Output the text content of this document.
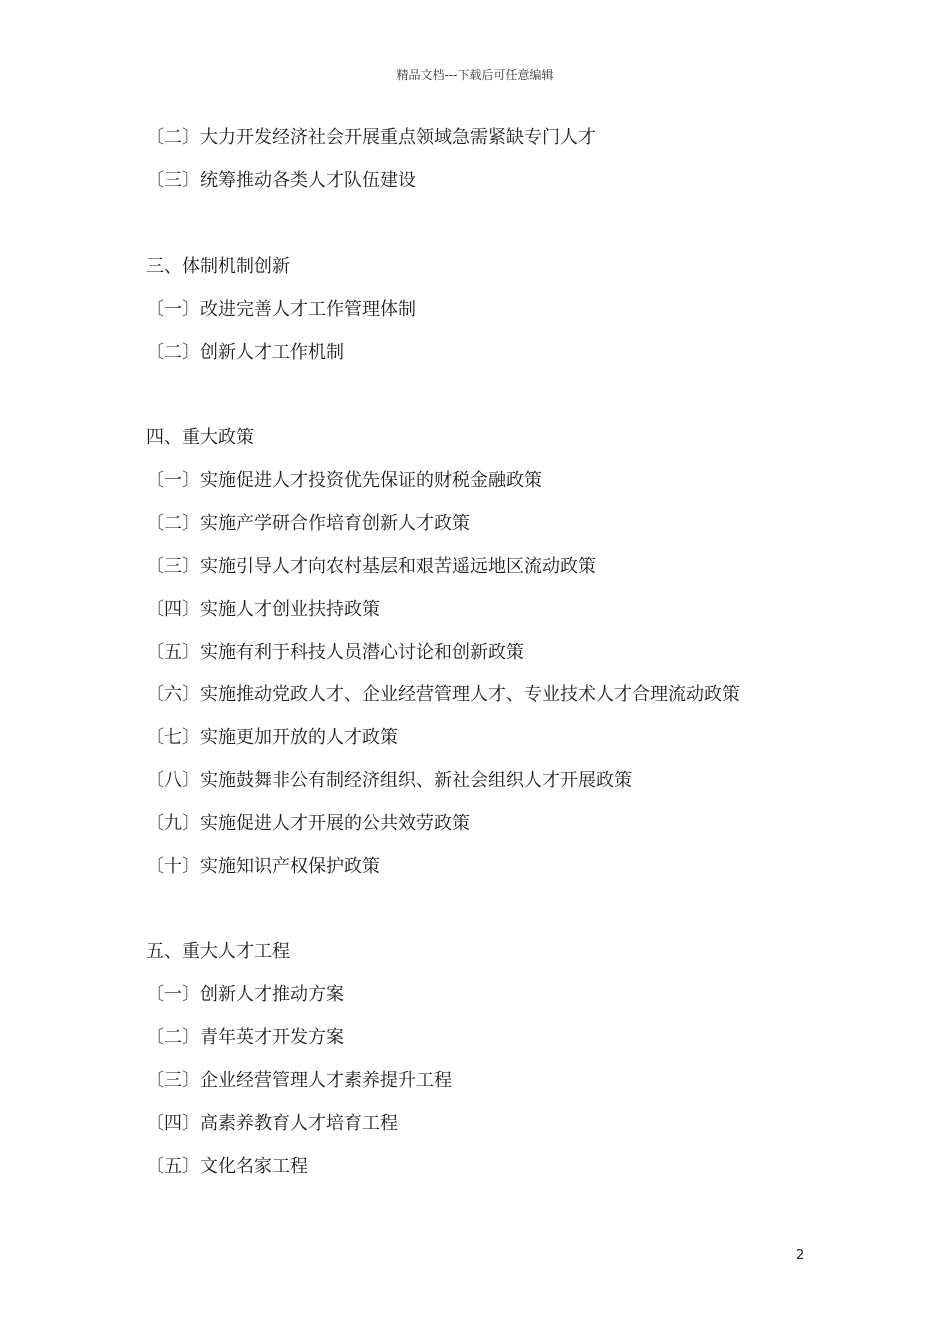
精品文档---下载后可任意编辑
〔二〕大力开发经济社会开展重点领域急需紧缺专门人才
〔三〕统筹推动各类人才队伍建设
三、体制机制创新
〔一〕改进完善人才工作管理体制
〔二〕创新人才工作机制
四、重大政策
〔一〕实施促进人才投资优先保证的财税金融政策
〔二〕实施产学研合作培育创新人才政策
〔三〕实施引导人才向农村基层和艰苦遥远地区流动政策
〔四〕实施人才创业扶持政策
〔五〕实施有利于科技人员潜心讨论和创新政策
〔六〕实施推动党政人才、企业经营管理人才、专业技术人才合理流动政策
〔七〕实施更加开放的人才政策
〔八〕实施鼓舞非公有制经济组织、新社会组织人才开展政策
〔九〕实施促进人才开展的公共效劳政策
〔十〕实施知识产权保护政策
五、重大人才工程
〔一〕创新人才推动方案
〔二〕青年英才开发方案
〔三〕企业经营管理人才素养提升工程
〔四〕高素养教育人才培育工程
〔五〕文化名家工程
2
